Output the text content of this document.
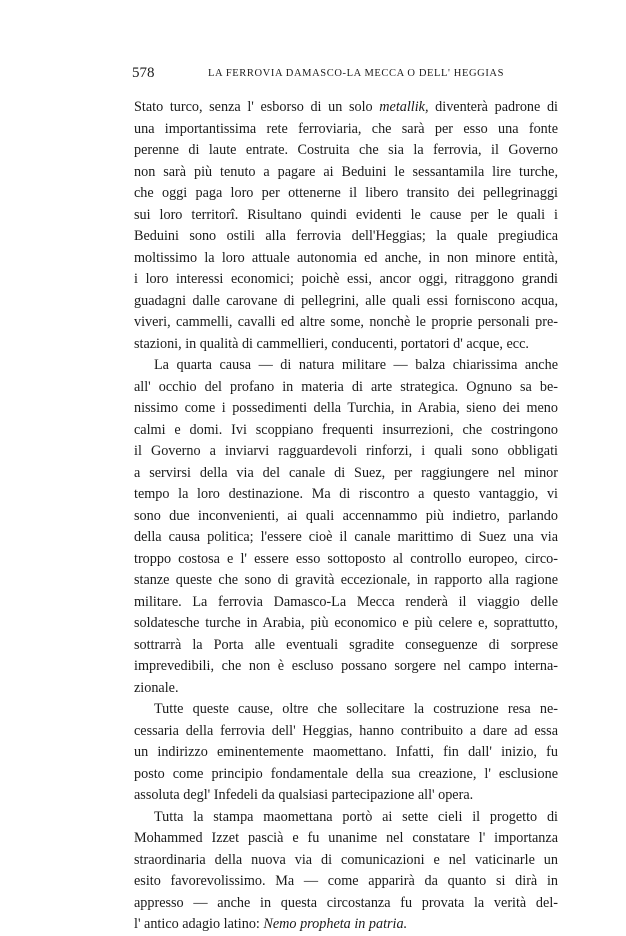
578	LA FERROVIA DAMASCO-LA MECCA O DELL' HEGGIAS

Stato turco, senza l' esborso di un solo metallik, diventerà padrone di
una importantissima rete ferroviaria, che sarà per esso una fonte
perenne di laute entrate. Costruita che sia la ferrovia, il Governo
non sarà più tenuto a pagare ai Beduini le sessantamila lire turche,
che oggi paga loro per ottenerne il libero transito dei pellegrinaggi
sui loro territorî. Risultano quindi evidenti le cause per le quali i
Beduini sono ostili alla ferrovia dell'Heggias; la quale pregiudica
moltissimo la loro attuale autonomia ed anche, in non minore entità,
i loro interessi economici; poichè essi, ancor oggi, ritraggono grandi
guadagni dalle carovane di pellegrini, alle quali essi forniscono acqua,
viveri, cammelli, cavalli ed altre some, nonchè le proprie personali pre-
stazioni, in qualità di cammellieri, conducenti, portatori d' acque, ecc.

La quarta causa — di natura militare — balza chiarissima anche
all' occhio del profano in materia di arte strategica. Ognuno sa be-
nissimo come i possedimenti della Turchia, in Arabia, sieno dei meno
calmi e domi. Ivi scoppiano frequenti insurrezioni, che costringono
il Governo a inviarvi ragguardevoli rinforzi, i quali sono obbligati
a servirsi della via del canale di Suez, per raggiungere nel minor
tempo la loro destinazione. Ma di riscontro a questo vantaggio, vi
sono due inconvenienti, ai quali accennammo più indietro, parlando
della causa politica; l'essere cioè il canale marittimo di Suez una via
troppo costosa e l' essere esso sottoposto al controllo europeo, circo-
stanze queste che sono di gravità eccezionale, in rapporto alla ragione
militare. La ferrovia Damasco-La Mecca renderà il viaggio delle
soldatesche turche in Arabia, più economico e più celere e, soprattutto,
sottrarrà la Porta alle eventuali sgradite conseguenze di sorprese
imprevedibili, che non è escluso possano sorgere nel campo interna-
zionale.

Tutte queste cause, oltre che sollecitare la costruzione resa ne-
cessaria della ferrovia dell' Heggias, hanno contribuito a dare ad essa
un indirizzo eminentemente maomettano. Infatti, fin dall' inizio, fu
posto come principio fondamentale della sua creazione, l' esclusione
assoluta degl' Infedeli da qualsiasi partecipazione all' opera.

Tutta la stampa maomettana portò ai sette cieli il progetto di
Mohammed Izzet pascià e fu unanime nel constatare l' importanza
straordinaria della nuova via di comunicazioni e nel vaticinarle un
esito favorevolissimo. Ma — come apparirà da quanto si dirà in
appresso — anche in questa circostanza fu provata la verità del-
l' antico adagio latino: Nemo propheta in patria.
